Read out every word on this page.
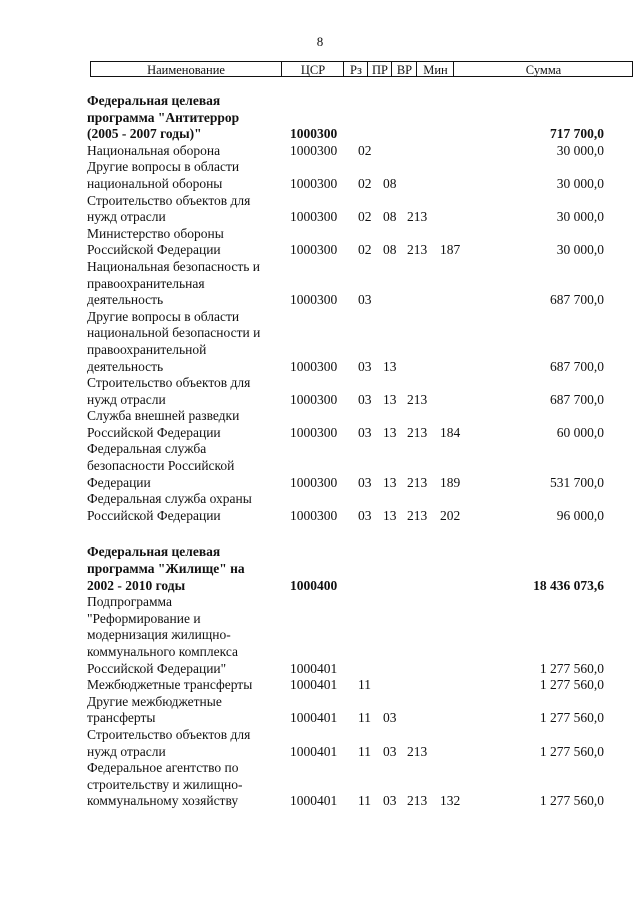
8
Наименование	ЦСР	Рз ПР ВР Мин	Сумма
Федеральная целевая
программа "Антитеррор
(2005 - 2007 годы)"	1000300	717 700,0
Национальная оборона	1000300 02	30 000,0
Другие вопросы в области
национальной обороны	1000300 02 08	30 000,0
Строительство объектов для
нужд отрасли	1000300 02 08 213	30 000,0
Министерство обороны
Российской Федерации	1000300 02 08 213 187	30 000,0
Национальная безопасность и
правоохранительная
деятельность	1000300 03	687 700,0
Другие вопросы в области
национальной безопасности и
правоохранительной
деятельность	1000300 03 13	687 700,0
Строительство объектов для
нужд отрасли	1000300 03 13 213	687 700,0
Служба внешней разведки
Российской Федерации	1000300 03 13 213 184	60 000,0
Федеральная служба
безопасности Российской
Федерации	1000300 03 13 213 189	531 700,0
Федеральная служба охраны
Российской Федерации	1000300 03 13 213 202	96 000,0
Федеральная целевая
программа "Жилище" на
2002 - 2010 годы	1000400	18 436 073,6
Подпрограмма
"Реформирование и
модернизация жилищно-
коммунального комплекса
Российской Федерации"	1000401	1 277 560,0
Межбюджетные трансферты	1000401 11	1 277 560,0
Другие межбюджетные
трансферты	1000401 11 03	1 277 560,0
Строительство объектов для
нужд отрасли	1000401 11 03 213	1 277 560,0
Федеральное агентство по
строительству и жилищно-
коммунальному хозяйству	1000401 11 03 213 132	1 277 560,0
